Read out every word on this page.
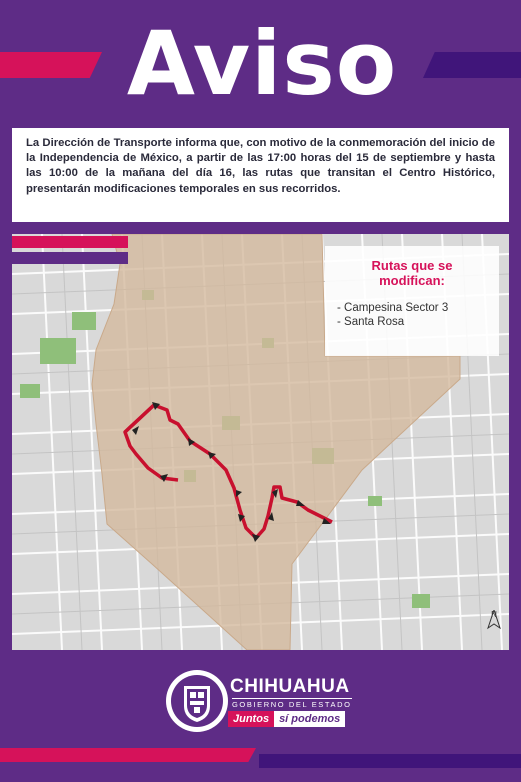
Aviso

La Dirección de Transporte informa que, con motivo de la conmemoración del inicio de la Independencia de México, a partir de las 17:00 horas del 15 de septiembre y hasta las 10:00 de la mañana del día 16, las rutas que transitan el Centro Histórico, presentarán modificaciones temporales en sus recorridos.

Rutas que se
modifican:
- Campesina Sector 3
- Santa Rosa
N
CHIHUAHUA
GOBIERNO DEL ESTADO
Juntos sí podemos
